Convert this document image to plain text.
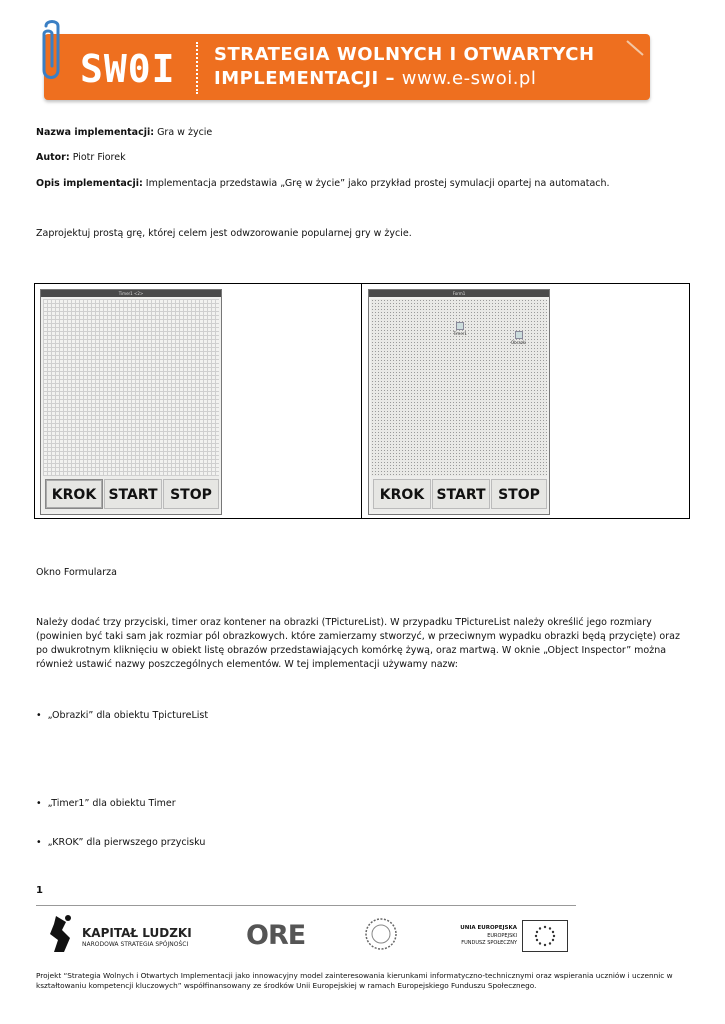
SW0I STRATEGIA WOLNYCH I OTWARTYCH
IMPLEMENTACJI – www.e-swoi.pl
Nazwa implementacji: Gra w życie
Autor: Piotr Fiorek
Opis implementacji: Implementacja przedstawia „Grę w życie” jako przykład prostej symulacji opartej na automatach.
Zaprojektuj prostą grę, której celem jest odwzorowanie popularnej gry w życie.
Timer1 <2>
KROK START STOP
Form1
Timer1
Obrazki
KROK START STOP
Okno Formularza
Należy dodać trzy przyciski, timer oraz kontener na obrazki (TPictureList). W przypadku TPictureList należy określić jego rozmiary (powinien być taki sam jak rozmiar pól obrazkowych. które zamierzamy stworzyć, w przeciwnym wypadku obrazki będą przycięte) oraz po dwukrotnym kliknięciu w obiekt listę obrazów przedstawiających komórkę żywą, oraz martwą. W oknie „Object Inspector” można również ustawić nazwy poszczególnych elementów. W tej implementacji używamy nazw:
•  „Obrazki” dla obiektu TpictureList
•  „Timer1” dla obiektu Timer
•  „KROK” dla pierwszego przycisku
1
KAPITAŁ LUDZKI
NARODOWA STRATEGIA SPÓJNOŚCI ORE	UNIA EUROPEJSKA
EUROPEJSKI
FUNDUSZ SPOŁECZNY
Projekt “Strategia Wolnych i Otwartych Implementacji jako innowacyjny model zainteresowania kierunkami informatyczno-technicznymi oraz wspierania uczniów i uczennic w kształtowaniu kompetencji kluczowych” współfinansowany ze środków Unii Europejskiej w ramach Europejskiego Funduszu Społecznego.
